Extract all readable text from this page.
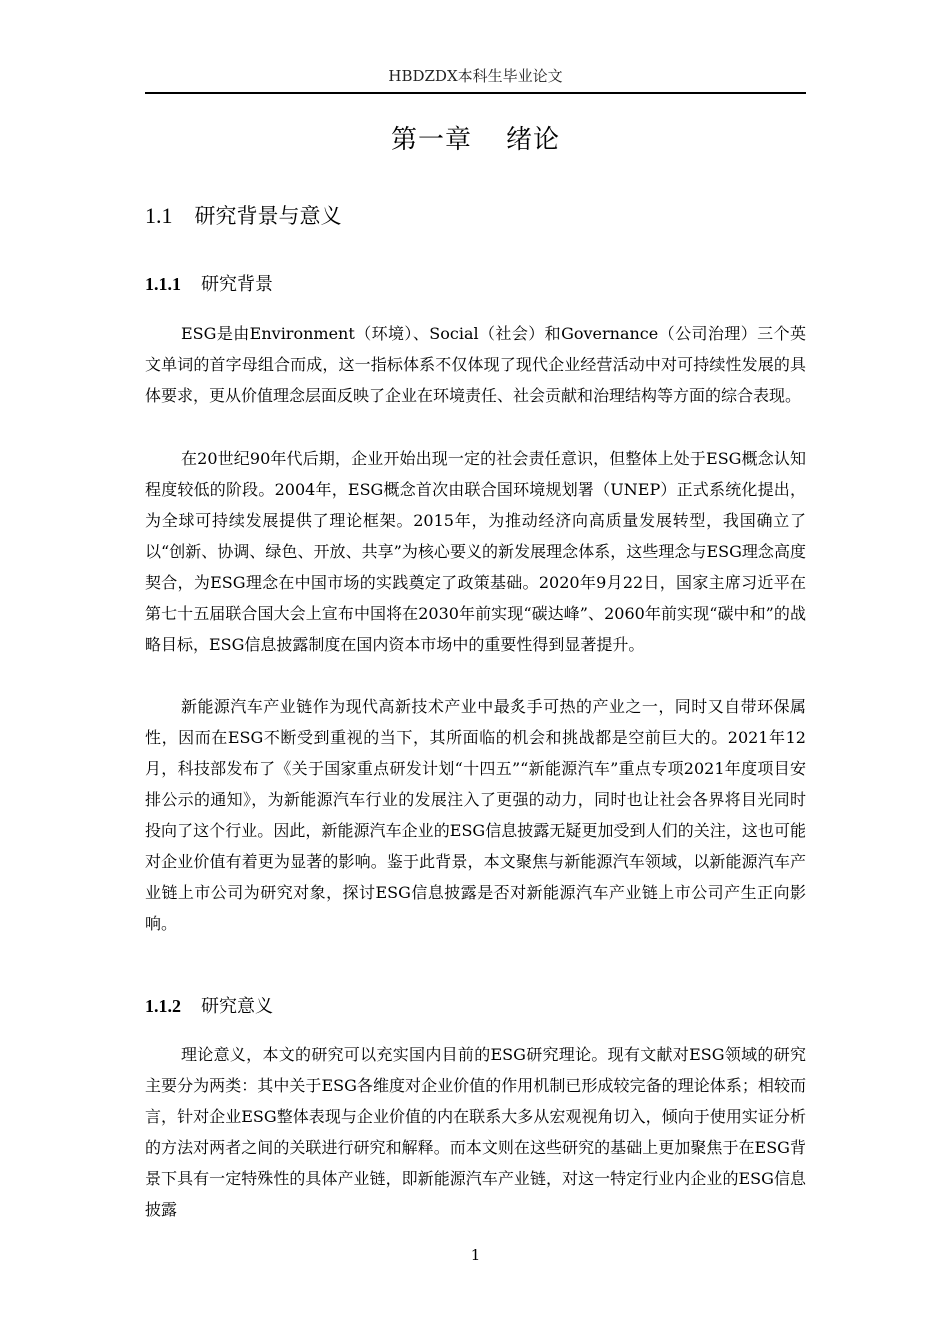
HBDZDX本科生毕业论文
第一章 绪论
1.1 研究背景与意义
1.1.1 研究背景

ESG是由Environment（环境）、Social（社会）和Governance（公司治理）三个英文单词的首字母组合而成，这一指标体系不仅体现了现代企业经营活动中对可持续性发展的具体要求，更从价值理念层面反映了企业在环境责任、社会贡献和治理结构等方面的综合表现。

在20世纪90年代后期，企业开始出现一定的社会责任意识，但整体上处于ESG概念认知程度较低的阶段。2004年，ESG概念首次由联合国环境规划署（UNEP）正式系统化提出，为全球可持续发展提供了理论框架。2015年，为推动经济向高质量发展转型，我国确立了以“创新、协调、绿色、开放、共享”为核心要义的新发展理念体系，这些理念与ESG理念高度契合，为ESG理念在中国市场的实践奠定了政策基础。2020年9月22日，国家主席习近平在第七十五届联合国大会上宣布中国将在2030年前实现“碳达峰”、2060年前实现“碳中和”的战略目标，ESG信息披露制度在国内资本市场中的重要性得到显著提升。

新能源汽车产业链作为现代高新技术产业中最炙手可热的产业之一，同时又自带环保属性，因而在ESG不断受到重视的当下，其所面临的机会和挑战都是空前巨大的。2021年12月，科技部发布了《关于国家重点研发计划“十四五”“新能源汽车”重点专项2021年度项目安排公示的通知》，为新能源汽车行业的发展注入了更强的动力，同时也让社会各界将目光同时投向了这个行业。因此，新能源汽车企业的ESG信息披露无疑更加受到人们的关注，这也可能对企业价值有着更为显著的影响。鉴于此背景，本文聚焦与新能源汽车领域，以新能源汽车产业链上市公司为研究对象，探讨ESG信息披露是否对新能源汽车产业链上市公司产生正向影响。

1.1.2 研究意义

理论意义，本文的研究可以充实国内目前的ESG研究理论。现有文献对ESG领域的研究主要分为两类：其中关于ESG各维度对企业价值的作用机制已形成较完备的理论体系；相较而言，针对企业ESG整体表现与企业价值的内在联系大多从宏观视角切入，倾向于使用实证分析的方法对两者之间的关联进行研究和解释。而本文则在这些研究的基础上更加聚焦于在ESG背景下具有一定特殊性的具体产业链，即新能源汽车产业链，对这一特定行业内企业的ESG信息披露

1
